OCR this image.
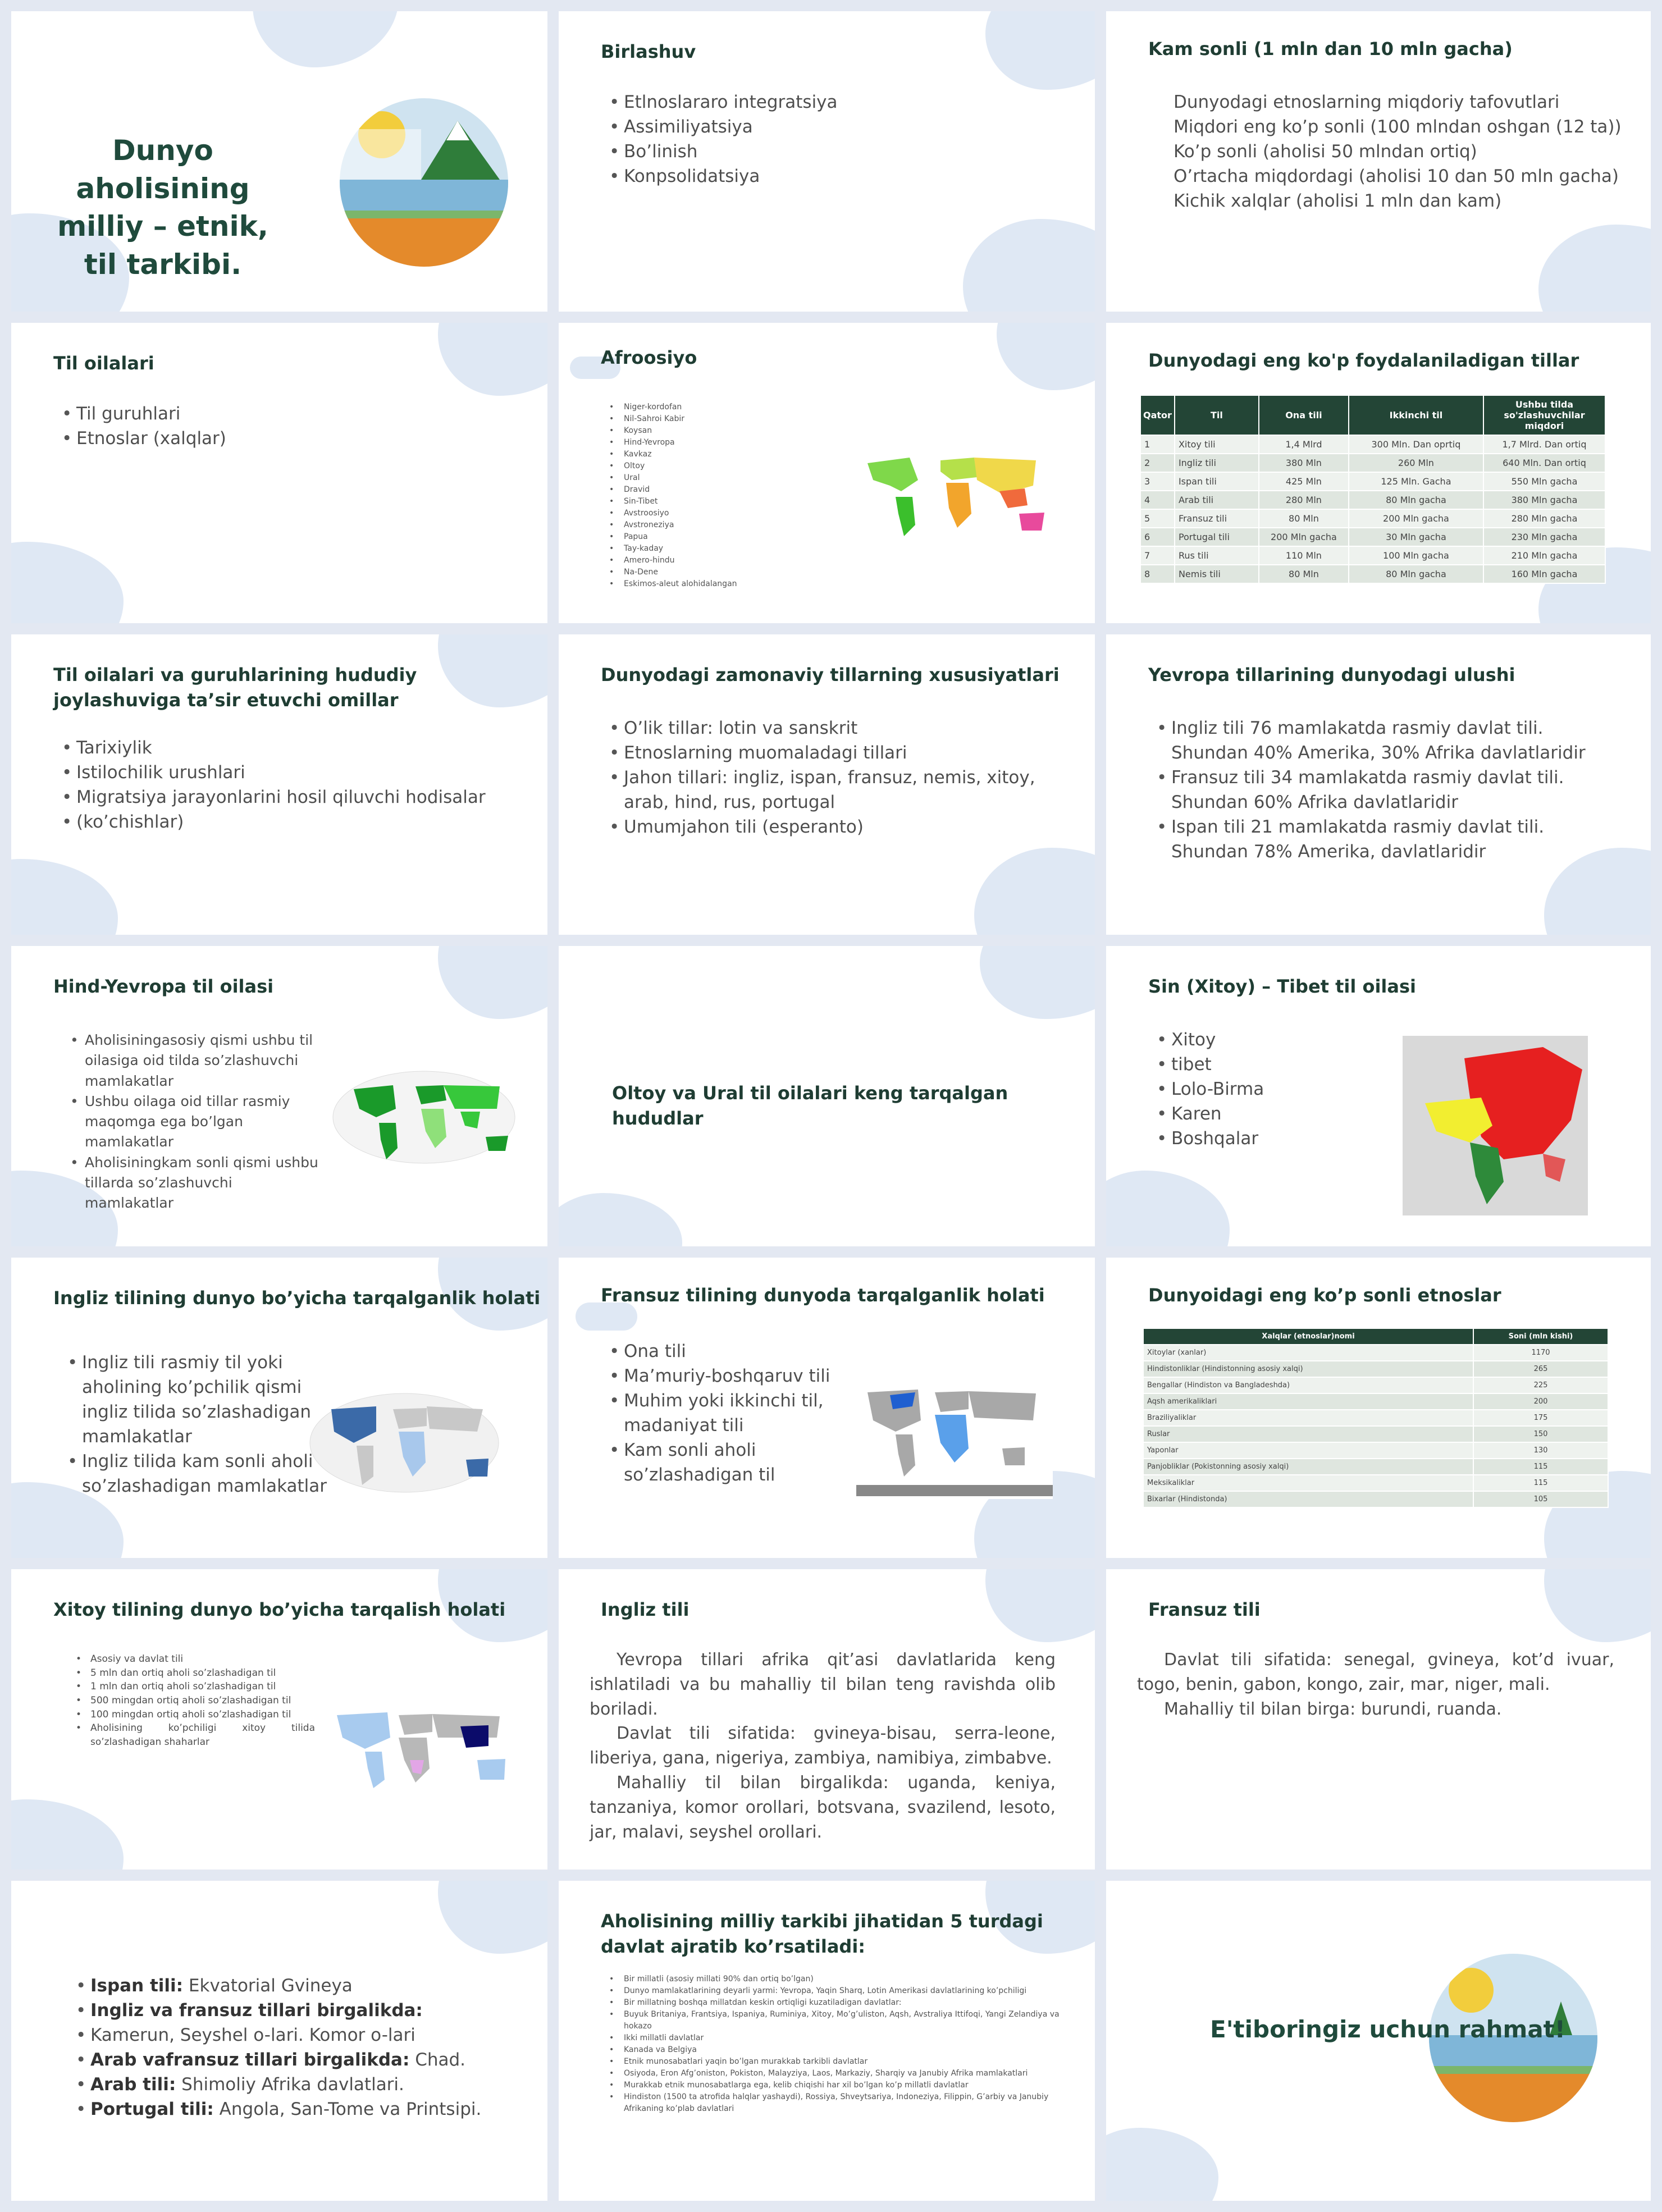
Dunyo aholisining milliy – etnik, til tarkibi.
Birlashuv
• Etlnoslararo integratsiya
• Assimiliyatsiya
• Bo’linish
• Konpsolidatsiya
Kam sonli (1 mln dan 10 mln gacha)
Dunyodagi etnoslarning miqdoriy tafovutlari
Miqdori eng ko’p sonli (100 mlndan oshgan (12 ta))
Ko’p sonli (aholisi 50 mlndan ortiq)
O’rtacha miqdordagi (aholisi 10 dan 50 mln gacha)
Kichik xalqlar (aholisi 1 mln dan kam)
Til oilalari
• Til guruhlari
• Etnoslar (xalqlar)
Afroosiyo
• Niger-kordofan
• Nil-Sahroi Kabir
• Koysan
• Hind-Yevropa
• Kavkaz
• Oltoy
• Ural
• Dravid
• Sin-Tibet
• Avstroosiyo
• Avstroneziya
• Papua
• Tay-kaday
• Amero-hindu
• Na-Dene
• Eskimos-aleut alohidalangan
Dunyodagi eng ko'p foydalaniladigan tillar
Qator	Til	Ona tili	Ikkinchi til	Ushbu tilda so'zlashuvchilar miqdori
1	Xitoy tili	1,4 Mlrd	300 Mln. Dan oprtiq	1,7 Mlrd. Dan ortiq
2	Ingliz tili	380 Mln	260 Mln	640 Mln. Dan ortiq
3	Ispan tili	425 Mln	125 Mln. Gacha	550 Mln gacha
4	Arab tili	280 Mln	80 Mln gacha	380 Mln gacha
5	Fransuz tili	80 Mln	200 Mln gacha	280 Mln gacha
6	Portugal tili	200 Mln gacha	30 Mln gacha	230 Mln gacha
7	Rus tili	110 Mln	100 Mln gacha	210 Mln gacha
8	Nemis tili	80 Mln	80 Mln gacha	160 Mln gacha
Til oilalari va guruhlarining hududiy joylashuviga ta’sir etuvchi omillar
• Tarixiylik
• Istilochilik urushlari
• Migratsiya jarayonlarini hosil qiluvchi hodisalar
• (ko’chishlar)
Dunyodagi zamonaviy tillarning xususiyatlari
• O’lik tillar: lotin va sanskrit
• Etnoslarning muomaladagi tillari
• Jahon tillari: ingliz, ispan, fransuz, nemis, xitoy, arab, hind, rus, portugal
• Umumjahon tili (esperanto)
Yevropa tillarining dunyodagi ulushi
• Ingliz tili 76 mamlakatda rasmiy davlat tili. Shundan 40% Amerika, 30% Afrika davlatlaridir
• Fransuz tili 34 mamlakatda rasmiy davlat tili. Shundan 60% Afrika davlatlaridir
• Ispan tili 21 mamlakatda rasmiy davlat tili. Shundan 78% Amerika, davlatlaridir
Hind-Yevropa til oilasi
• Aholisiningasosiy qismi ushbu til oilasiga oid tilda so’zlashuvchi mamlakatlar
• Ushbu oilaga oid tillar rasmiy maqomga ega bo’lgan mamlakatlar
• Aholisiningkam sonli qismi ushbu tillarda so’zlashuvchi mamlakatlar
Oltoy va Ural til oilalari keng tarqalgan hududlar
Sin (Xitoy) – Tibet til oilasi
• Xitoy
• tibet
• Lolo-Birma
• Karen
• Boshqalar
Ingliz tilining dunyo bo’yicha tarqalganlik holati
• Ingliz tili rasmiy til yoki aholining ko’pchilik qismi ingliz tilida so’zlashadigan mamlakatlar
• Ingliz tilida kam sonli aholi so’zlashadigan mamlakatlar
Fransuz tilining dunyoda tarqalganlik holati
• Ona tili
• Ma’muriy-boshqaruv tili
• Muhim yoki ikkinchi til, madaniyat tili
• Kam sonli aholi so’zlashadigan til
Dunyoidagi eng ko’p sonli etnoslar
Xalqlar (etnoslar)nomi	Soni (mln kishi)
Xitoylar (xanlar)	1170
Hindistonliklar (Hindistonning asosiy xalqi)	265
Bengallar (Hindiston va Bangladeshda)	225
Aqsh amerikaliklari	200
Braziliyaliklar	175
Ruslar	150
Yaponlar	130
Panjobliklar (Pokistonning asosiy xalqi)	115
Meksikaliklar	115
Bixarlar (Hindistonda)	105
Xitoy tilining dunyo bo’yicha tarqalish holati
• Asosiy va davlat tili
• 5 mln dan ortiq aholi so’zlashadigan til
• 1 mln dan ortiq aholi so’zlashadigan til
• 500 mingdan ortiq aholi so’zlashadigan til
• 100 mingdan ortiq aholi so’zlashadigan til
• Aholisining ko’pchiligi xitoy tilida so’zlashadigan shaharlar
Ingliz tili

Yevropa tillari afrika qit’asi davlatlarida keng ishlatiladi va bu mahalliy til bilan teng ravishda olib boriladi.

Davlat tili sifatida: gvineya-bisau, serra-leone, liberiya, gana, nigeriya, zambiya, namibiya, zimbabve.

Mahalliy til bilan birgalikda: uganda, keniya, tanzaniya, komor orollari, botsvana, svazilend, lesoto, jar, malavi, seyshel orollari.

Fransuz tili

Davlat tili sifatida: senegal, gvineya, kot’d ivuar, togo, benin, gabon, kongo, zair, mar, niger, mali.

Mahalliy til bilan birga: burundi, ruanda.

• Ispan tili: Ekvatorial Gvineya
• Ingliz va fransuz tillari birgalikda:
• Kamerun, Seyshel o-lari. Komor o-lari
• Arab vafransuz tillari birgalikda: Chad.
• Arab tili: Shimoliy Afrika davlatlari.
• Portugal tili: Angola, San-Tome va Printsipi.
Aholisining milliy tarkibi jihatidan 5 turdagi davlat ajratib ko’rsatiladi:
• Bir millatli (asosiy millati 90% dan ortiq bo’lgan)
• Dunyo mamlakatlarining deyarli yarmi: Yevropa, Yaqin Sharq, Lotin Amerikasi davlatlarining ko’pchiligi
• Bir millatning boshqa millatdan keskin ortiqligi kuzatiladigan davlatlar:
• Buyuk Britaniya, Frantsiya, Ispaniya, Ruminiya, Xitoy, Mo’g’uliston, Aqsh, Avstraliya Ittifoqi, Yangi Zelandiya va hokazo
• Ikki millatli davlatlar
• Kanada va Belgiya
• Etnik munosabatlari yaqin bo’lgan murakkab tarkibli davlatlar
• Osiyoda, Eron Afg’oniston, Pokiston, Malayziya, Laos, Markaziy, Sharqiy va Janubiy Afrika mamlakatlari
• Murakkab etnik munosabatlarga ega, kelib chiqishi har xil bo’lgan ko’p millatli davlatlar
• Hindiston (1500 ta atrofida halqlar yashaydi), Rossiya, Shveytsariya, Indoneziya, Filippin, G’arbiy va Janubiy Afrikaning ko’plab davlatlari
E'tiboringiz uchun rahmat!
